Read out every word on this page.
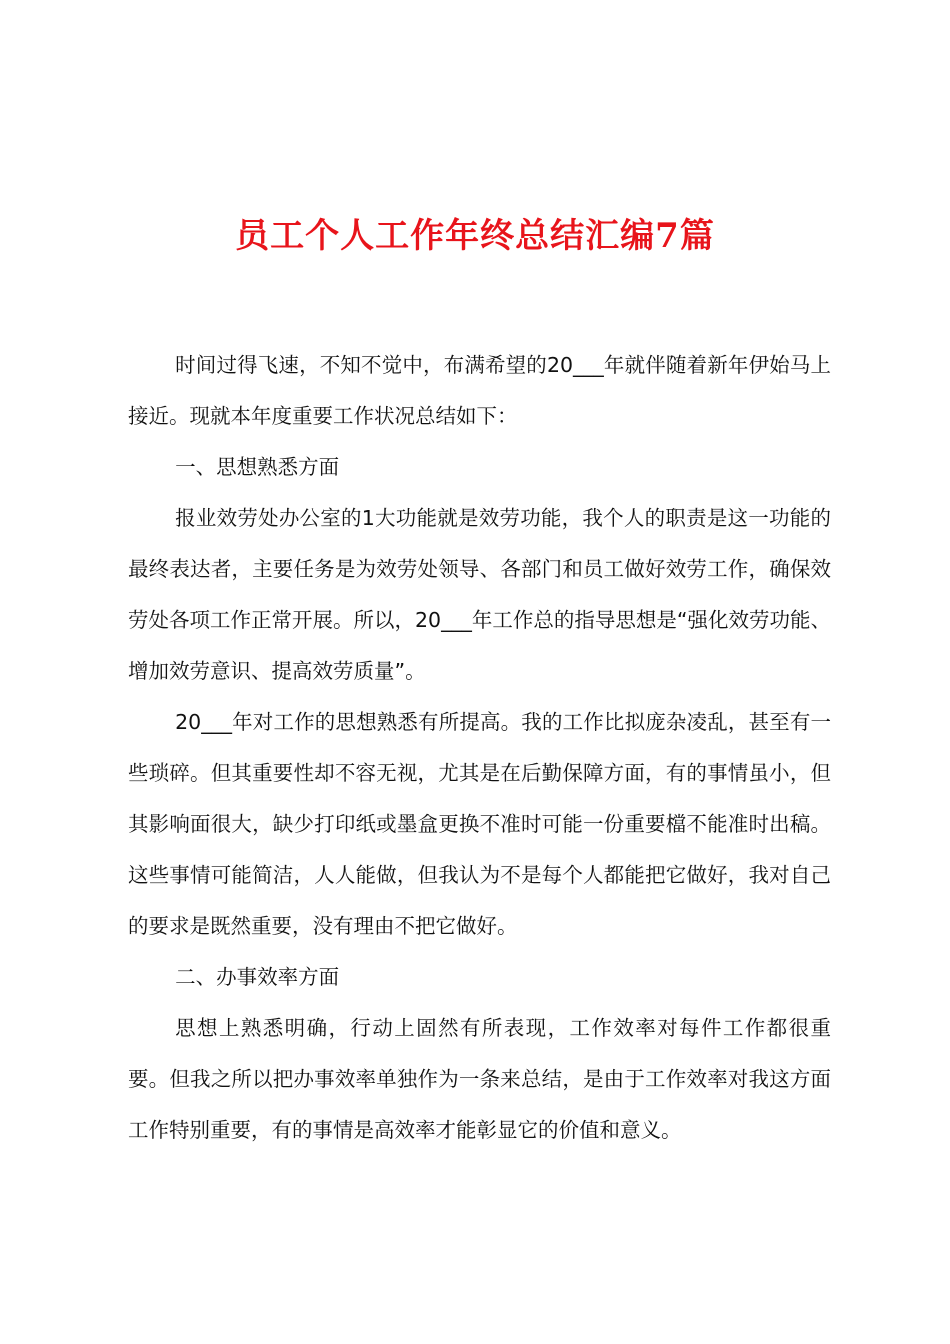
员工个人工作年终总结汇编7篇

时间过得飞速，不知不觉中，布满希望的20___年就伴随着新年伊始马上接近。现就本年度重要工作状况总结如下：

一、思想熟悉方面

报业效劳处办公室的1大功能就是效劳功能，我个人的职责是这一功能的最终表达者，主要任务是为效劳处领导、各部门和员工做好效劳工作，确保效劳处各项工作正常开展。所以，20___年工作总的指导思想是“强化效劳功能、增加效劳意识、提高效劳质量”。

20___年对工作的思想熟悉有所提高。我的工作比拟庞杂凌乱，甚至有一些琐碎。但其重要性却不容无视，尤其是在后勤保障方面，有的事情虽小，但其影响面很大，缺少打印纸或墨盒更换不准时可能一份重要檔不能准时出稿。这些事情可能简洁，人人能做，但我认为不是每个人都能把它做好，我对自己的要求是既然重要，没有理由不把它做好。

二、办事效率方面

思想上熟悉明确，行动上固然有所表现，工作效率对每件工作都很重要。但我之所以把办事效率单独作为一条来总结，是由于工作效率对我这方面工作特别重要，有的事情是高效率才能彰显它的价值和意义。
